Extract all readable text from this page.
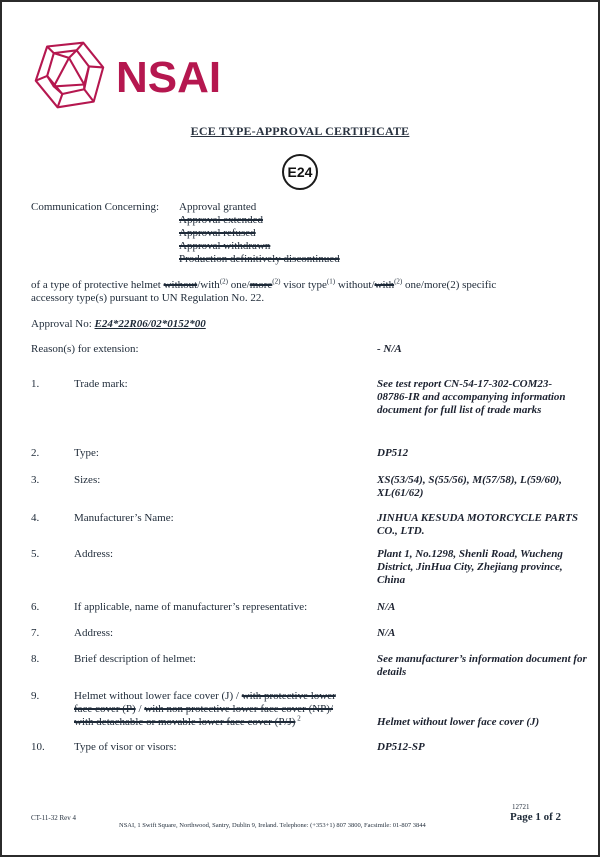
NSAI
ECE TYPE-APPROVAL CERTIFICATE
E24
Communication Concerning: Approval granted
Approval extended
Approval refused
Approval withdrawn
Production definitively discontinued
of a type of protective helmet without/with$^{(2)}$ one/more$^{(2)}$ visor type$^{(1)}$ without/with$^{(2)}$ one/more(2) specific
accessory type(s) pursuant to UN Regulation No. 22.
Approval No: E24*22R06/02*0152*00
Reason(s) for extension:	- N/A
1.	Trade mark:	See test report CN-54-17-302-COM23-08786-IR and accompanying information document for full list of trade marks
2.	Type:	DP512
3.	Sizes:	XS(53/54), S(55/56), M(57/58), L(59/60), XL(61/62)
4.	Manufacturer’s Name:	JINHUA KESUDA MOTORCYCLE PARTS CO., LTD.
5.	Address:	Plant 1, No.1298, Shenli Road, Wucheng District, JinHua City, Zhejiang province, China
6.	If applicable, name of manufacturer’s representative:	N/A
7.	Address:	N/A
8.	Brief description of helmet:	See manufacturer’s information document for details
9.	Helmet without lower face cover (J) / with protective lower face cover (P) / with non protective lower face cover (NP)/ with detachable or movable lower face cover (P/J) $^2$	Helmet without lower face cover (J)
10.	Type of visor or visors:	DP512-SP
CT-11-32 Rev 4
NSAI, 1 Swift Square, Northwood, Santry, Dublin 9, Ireland. Telephone: (+353+1) 807 3800, Facsimile: 01-807 3844
12721
Page 1 of 2
